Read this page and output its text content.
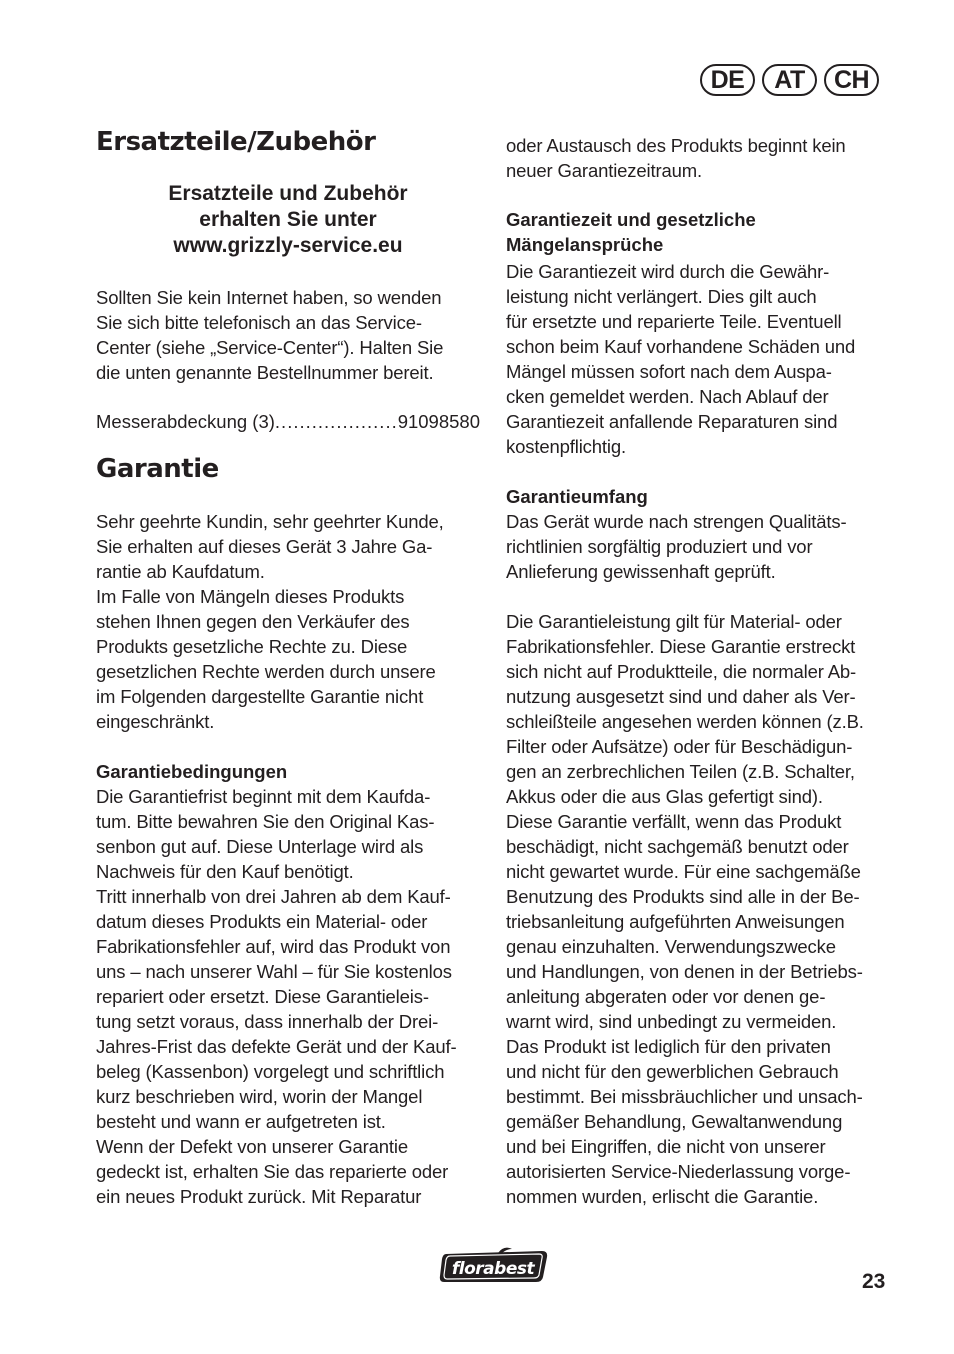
DE	AT	CH
Ersatzteile/Zubehör

Ersatzteile und Zubehör
erhalten Sie unter
www.grizzly-service.eu

Sollten Sie kein Internet haben, so wenden
Sie sich bitte telefonisch an das Service-
Center (siehe „Service-Center“). Halten Sie
die unten genannte Bestellnummer bereit.

Messerabdeckung (3)
.....	91098580
Garantie

Sehr geehrte Kundin, sehr geehrter Kunde,
Sie erhalten auf dieses Gerät 3 Jahre Ga-
rantie ab Kaufdatum.
Im Falle von Mängeln dieses Produkts
stehen Ihnen gegen den Verkäufer des
Produkts gesetzliche Rechte zu. Diese
gesetzlichen Rechte werden durch unsere
im Folgenden dargestellte Garantie nicht
eingeschränkt.

Garantiebedingungen

Die Garantiefrist beginnt mit dem Kaufda-
tum. Bitte bewahren Sie den Original Kas-
senbon gut auf. Diese Unterlage wird als
Nachweis für den Kauf benötigt.
Tritt innerhalb von drei Jahren ab dem Kauf-
datum dieses Produkts ein Material- oder
Fabrikationsfehler auf, wird das Produkt von
uns – nach unserer Wahl – für Sie kostenlos
repariert oder ersetzt. Diese Garantieleis-
tung setzt voraus, dass innerhalb der Drei-
Jahres-Frist das defekte Gerät und der Kauf-
beleg (Kassenbon) vorgelegt und schriftlich
kurz beschrieben wird, worin der Mangel
besteht und wann er aufgetreten ist.
Wenn der Defekt von unserer Garantie
gedeckt ist, erhalten Sie das reparierte oder
ein neues Produkt zurück. Mit Reparatur

oder Austausch des Produkts beginnt kein
neuer Garantiezeitraum.

Garantiezeit und gesetzliche
Mängelansprüche

Die Garantiezeit wird durch die Gewähr-
leistung nicht verlängert. Dies gilt auch
für ersetzte und reparierte Teile. Eventuell
schon beim Kauf vorhandene Schäden und
Mängel müssen sofort nach dem Auspa-
cken gemeldet werden. Nach Ablauf der
Garantiezeit anfallende Reparaturen sind
kostenpflichtig.

Garantieumfang

Das Gerät wurde nach strengen Qualitäts-
richtlinien sorgfältig produziert und vor
Anlieferung gewissenhaft geprüft.

Die Garantieleistung gilt für Material- oder
Fabrikationsfehler. Diese Garantie erstreckt
sich nicht auf Produktteile, die normaler Ab-
nutzung ausgesetzt sind und daher als Ver-
schleißteile angesehen werden können (z.B.
Filter oder Aufsätze) oder für Beschädigun-
gen an zerbrechlichen Teilen (z.B. Schalter,
Akkus oder die aus Glas gefertigt sind).
Diese Garantie verfällt, wenn das Produkt
beschädigt, nicht sachgemäß benutzt oder
nicht gewartet wurde. Für eine sachgemäße
Benutzung des Produkts sind alle in der Be-
triebsanleitung aufgeführten Anweisungen
genau einzuhalten. Verwendungszwecke
und Handlungen, von denen in der Betriebs-
anleitung abgeraten oder vor denen ge-
warnt wird, sind unbedingt zu vermeiden.
Das Produkt ist lediglich für den privaten
und nicht für den gewerblichen Gebrauch
bestimmt. Bei missbräuchlicher und unsach-
gemäßer Behandlung, Gewaltanwendung
und bei Eingriffen, die nicht von unserer
autorisierten Service-Niederlassung vorge-
nommen wurden, erlischt die Garantie.

florabest
23
